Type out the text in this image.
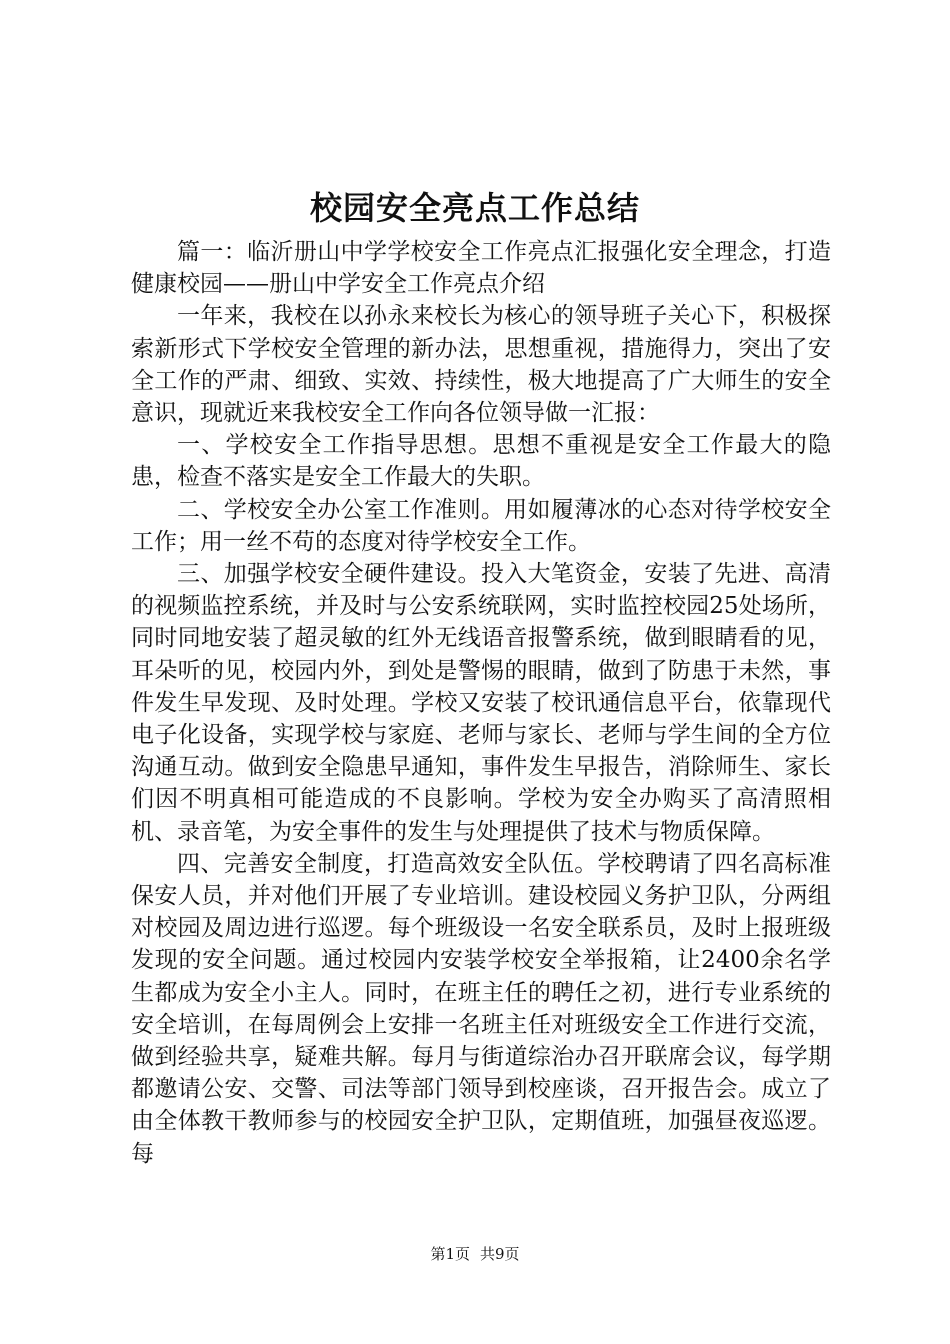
校园安全亮点工作总结

篇一：临沂册山中学学校安全工作亮点汇报强化安全理念，打造健康校园——册山中学安全工作亮点介绍

一年来，我校在以孙永来校长为核心的领导班子关心下，积极探索新形式下学校安全管理的新办法，思想重视，措施得力，突出了安全工作的严肃、细致、实效、持续性，极大地提高了广大师生的安全意识，现就近来我校安全工作向各位领导做一汇报：

一、学校安全工作指导思想。思想不重视是安全工作最大的隐患，检查不落实是安全工作最大的失职。

二、学校安全办公室工作准则。用如履薄冰的心态对待学校安全工作；用一丝不苟的态度对待学校安全工作。

三、加强学校安全硬件建设。投入大笔资金，安装了先进、高清的视频监控系统，并及时与公安系统联网，实时监控校园25处场所，同时同地安装了超灵敏的红外无线语音报警系统，做到眼睛看的见，耳朵听的见，校园内外，到处是警惕的眼睛，做到了防患于未然，事件发生早发现、及时处理。学校又安装了校讯通信息平台，依靠现代电子化设备，实现学校与家庭、老师与家长、老师与学生间的全方位沟通互动。做到安全隐患早通知，事件发生早报告，消除师生、家长们因不明真相可能造成的不良影响。学校为安全办购买了高清照相机、录音笔，为安全事件的发生与处理提供了技术与物质保障。

四、完善安全制度，打造高效安全队伍。学校聘请了四名高标准保安人员，并对他们开展了专业培训。建设校园义务护卫队，分两组对校园及周边进行巡逻。每个班级设一名安全联系员，及时上报班级发现的安全问题。通过校园内安装学校安全举报箱，让2400余名学生都成为安全小主人。同时，在班主任的聘任之初，进行专业系统的安全培训，在每周例会上安排一名班主任对班级安全工作进行交流，做到经验共享，疑难共解。每月与街道综治办召开联席会议，每学期都邀请公安、交警、司法等部门领导到校座谈，召开报告会。成立了由全体教干教师参与的校园安全护卫队，定期值班，加强昼夜巡逻。每

第1页 共9页
